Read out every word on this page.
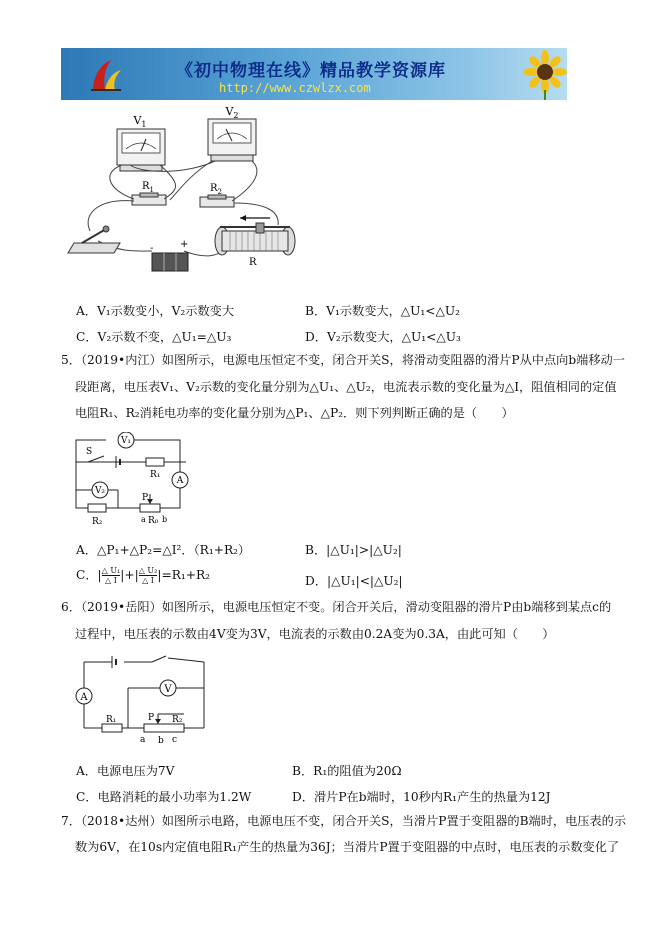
《初中物理在线》精品教学资源库
http://www.czwlzx.com
$V_1$
$V_2$
$R_1$	$R_2$
-	+
R
A．V₁示数变小，V₂示数变大	B．V₁示数变大，△U₁<△U₂
C．V₂示数不变，△U₁=△U₃	D．V₂示数变大，△U₁<△U₃
5．（2019•内江）如图所示，电源电压恒定不变，闭合开关S，将滑动变阻器的滑片P从中点向b端移动一
段距离，电压表V₁、V₂示数的变化量分别为△U₁、△U₂，电流表示数的变化量为△I，阻值相同的定值
电阻R₁、R₂消耗电功率的变化量分别为△P₁、△P₂．则下列判断正确的是（　　）
V₁
S
R₁
A
V₂
R₂
P
a R₀ b
A．△P₁+△P₂=△I²．（R₁+R₂）	B．|△U₁|>|△U₂|
C．| $\frac{\text{△ U₁}}{\triangle I}$ |+| $\frac{\text{△ U₂}}{\triangle I} |=R_1+R_2$	D．|△U₁|<|△U₂|
6．（2019•岳阳）如图所示，电源电压恒定不变。闭合开关后，滑动变阻器的滑片P由b端移到某点c的
过程中，电压表的示数由4V变为3V，电流表的示数由0.2A变为0.3A，由此可知（　　）
A
V
R₁	P R₂
a b c
A．电源电压为7V	B．R₁的阻值为20Ω
C．电路消耗的最小功率为1.2W	D．滑片P在b端时，10秒内R₁产生的热量为12J
7．（2018•达州）如图所示电路，电源电压不变，闭合开关S，当滑片P置于变阻器的B端时，电压表的示
数为6V，在10s内定值电阻R₁产生的热量为36J；当滑片P置于变阻器的中点时，电压表的示数变化了
